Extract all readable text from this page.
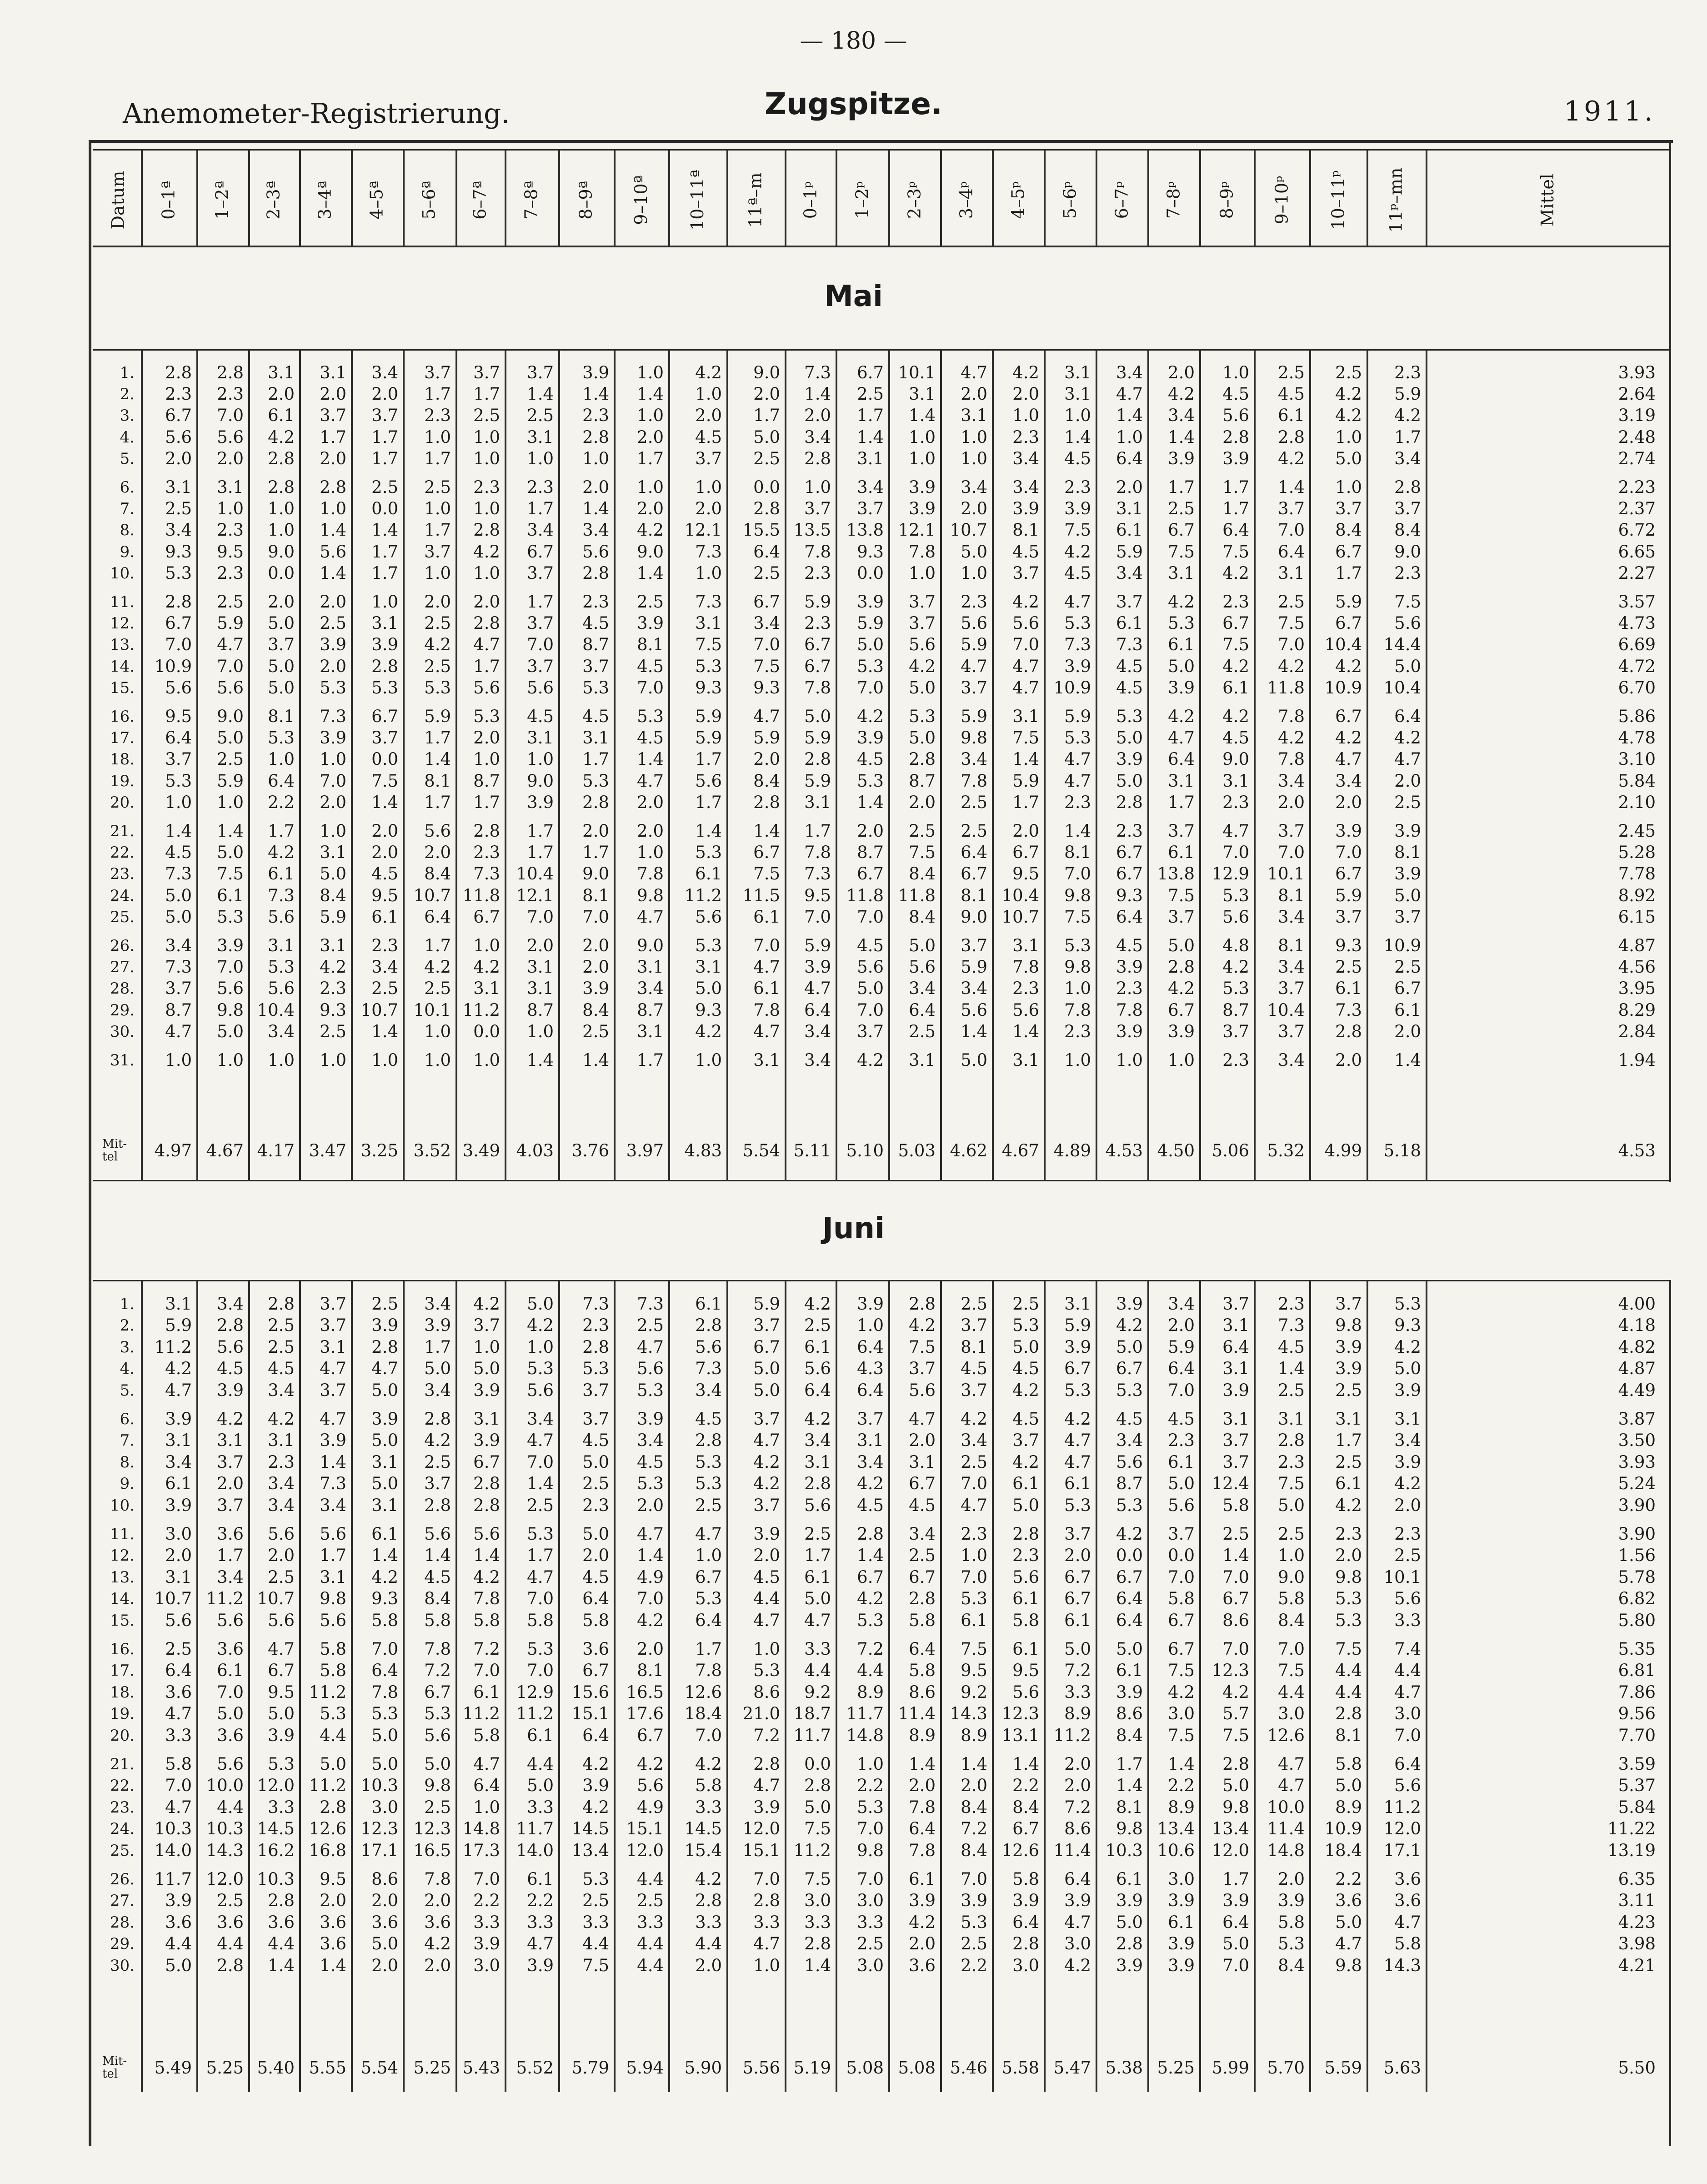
— 180 —
Anemometer-Registrierung.	Zugspitze.	1911.
Datum 0–1ª 1–2ª 2–3ª 3–4ª 4–5ª 5–6ª 6–7ª 7–8ª 8–9ª 9–10ª 10–11ª 11ª–m 0–1ᵖ 1–2ᵖ 2–3ᵖ 3–4ᵖ 4–5ᵖ 5–6ᵖ 6–7ᵖ 7–8ᵖ 8–9ᵖ 9–10ᵖ 10–11ᵖ 11ᵖ–mn	Mittel
Mai
1.	2.8	2.8	3.1	3.1	3.4	3.7	3.7	3.7	3.9	1.0	4.2	9.0	7.3	6.7 10.1	4.7	4.2	3.1	3.4	2.0	1.0	2.5	2.5	2.3	3.93
2.	2.3	2.3	2.0	2.0	2.0	1.7	1.7	1.4	1.4	1.4	1.0	2.0	1.4	2.5	3.1	2.0	2.0	3.1	4.7	4.2	4.5	4.5	4.2	5.9	2.64
3.	6.7	7.0	6.1	3.7	3.7	2.3	2.5	2.5	2.3	1.0	2.0	1.7	2.0	1.7	1.4	3.1	1.0	1.0	1.4	3.4	5.6	6.1	4.2	4.2	3.19
4.	5.6	5.6	4.2	1.7	1.7	1.0	1.0	3.1	2.8	2.0	4.5	5.0	3.4	1.4	1.0	1.0	2.3	1.4	1.0	1.4	2.8	2.8	1.0	1.7	2.48
5.	2.0	2.0	2.8	2.0	1.7	1.7	1.0	1.0	1.0	1.7	3.7	2.5	2.8	3.1	1.0	1.0	3.4	4.5	6.4	3.9	3.9	4.2	5.0	3.4	2.74
6.	3.1	3.1	2.8	2.8	2.5	2.5	2.3	2.3	2.0	1.0	1.0	0.0	1.0	3.4	3.9	3.4	3.4	2.3	2.0	1.7	1.7	1.4	1.0	2.8	2.23
7.	2.5	1.0	1.0	1.0	0.0	1.0	1.0	1.7	1.4	2.0	2.0	2.8	3.7	3.7	3.9	2.0	3.9	3.9	3.1	2.5	1.7	3.7	3.7	3.7	2.37
8.	3.4	2.3	1.0	1.4	1.4	1.7	2.8	3.4	3.4	4.2	12.1	15.5 13.5 13.8 12.1 10.7	8.1	7.5	6.1	6.7	6.4	7.0	8.4	8.4	6.72
9.	9.3	9.5	9.0	5.6	1.7	3.7	4.2	6.7	5.6	9.0	7.3	6.4	7.8	9.3	7.8	5.0	4.5	4.2	5.9	7.5	7.5	6.4	6.7	9.0	6.65
10.	5.3	2.3	0.0	1.4	1.7	1.0	1.0	3.7	2.8	1.4	1.0	2.5	2.3	0.0	1.0	1.0	3.7	4.5	3.4	3.1	4.2	3.1	1.7	2.3	2.27
11.	2.8	2.5	2.0	2.0	1.0	2.0	2.0	1.7	2.3	2.5	7.3	6.7	5.9	3.9	3.7	2.3	4.2	4.7	3.7	4.2	2.3	2.5	5.9	7.5	3.57
12.	6.7	5.9	5.0	2.5	3.1	2.5	2.8	3.7	4.5	3.9	3.1	3.4	2.3	5.9	3.7	5.6	5.6	5.3	6.1	5.3	6.7	7.5	6.7	5.6	4.73
13.	7.0	4.7	3.7	3.9	3.9	4.2	4.7	7.0	8.7	8.1	7.5	7.0	6.7	5.0	5.6	5.9	7.0	7.3	7.3	6.1	7.5	7.0	10.4	14.4	6.69
14.	10.9	7.0	5.0	2.0	2.8	2.5	1.7	3.7	3.7	4.5	5.3	7.5	6.7	5.3	4.2	4.7	4.7	3.9	4.5	5.0	4.2	4.2	4.2	5.0	4.72
15.	5.6	5.6	5.0	5.3	5.3	5.3	5.6	5.6	5.3	7.0	9.3	9.3	7.8	7.0	5.0	3.7	4.7 10.9	4.5	3.9	6.1	11.8	10.9	10.4	6.70
16.	9.5	9.0	8.1	7.3	6.7	5.9	5.3	4.5	4.5	5.3	5.9	4.7	5.0	4.2	5.3	5.9	3.1	5.9	5.3	4.2	4.2	7.8	6.7	6.4	5.86
17.	6.4	5.0	5.3	3.9	3.7	1.7	2.0	3.1	3.1	4.5	5.9	5.9	5.9	3.9	5.0	9.8	7.5	5.3	5.0	4.7	4.5	4.2	4.2	4.2	4.78
18.	3.7	2.5	1.0	1.0	0.0	1.4	1.0	1.0	1.7	1.4	1.7	2.0	2.8	4.5	2.8	3.4	1.4	4.7	3.9	6.4	9.0	7.8	4.7	4.7	3.10
19.	5.3	5.9	6.4	7.0	7.5	8.1	8.7	9.0	5.3	4.7	5.6	8.4	5.9	5.3	8.7	7.8	5.9	4.7	5.0	3.1	3.1	3.4	3.4	2.0	5.84
20.	1.0	1.0	2.2	2.0	1.4	1.7	1.7	3.9	2.8	2.0	1.7	2.8	3.1	1.4	2.0	2.5	1.7	2.3	2.8	1.7	2.3	2.0	2.0	2.5	2.10
21.	1.4	1.4	1.7	1.0	2.0	5.6	2.8	1.7	2.0	2.0	1.4	1.4	1.7	2.0	2.5	2.5	2.0	1.4	2.3	3.7	4.7	3.7	3.9	3.9	2.45
22.	4.5	5.0	4.2	3.1	2.0	2.0	2.3	1.7	1.7	1.0	5.3	6.7	7.8	8.7	7.5	6.4	6.7	8.1	6.7	6.1	7.0	7.0	7.0	8.1	5.28
23.	7.3	7.5	6.1	5.0	4.5	8.4	7.3 10.4	9.0	7.8	6.1	7.5	7.3	6.7	8.4	6.7	9.5	7.0	6.7 13.8	12.9	10.1	6.7	3.9	7.78
24.	5.0	6.1	7.3	8.4	9.5 10.7 11.8 12.1	8.1	9.8	11.2	11.5	9.5 11.8 11.8	8.1 10.4	9.8	9.3	7.5	5.3	8.1	5.9	5.0	8.92
25.	5.0	5.3	5.6	5.9	6.1	6.4	6.7	7.0	7.0	4.7	5.6	6.1	7.0	7.0	8.4	9.0 10.7	7.5	6.4	3.7	5.6	3.4	3.7	3.7	6.15
26.	3.4	3.9	3.1	3.1	2.3	1.7	1.0	2.0	2.0	9.0	5.3	7.0	5.9	4.5	5.0	3.7	3.1	5.3	4.5	5.0	4.8	8.1	9.3	10.9	4.87
27.	7.3	7.0	5.3	4.2	3.4	4.2	4.2	3.1	2.0	3.1	3.1	4.7	3.9	5.6	5.6	5.9	7.8	9.8	3.9	2.8	4.2	3.4	2.5	2.5	4.56
28.	3.7	5.6	5.6	2.3	2.5	2.5	3.1	3.1	3.9	3.4	5.0	6.1	4.7	5.0	3.4	3.4	2.3	1.0	2.3	4.2	5.3	3.7	6.1	6.7	3.95
29.	8.7	9.8 10.4	9.3 10.7 10.1 11.2	8.7	8.4	8.7	9.3	7.8	6.4	7.0	6.4	5.6	5.6	7.8	7.8	6.7	8.7	10.4	7.3	6.1	8.29
30.	4.7	5.0	3.4	2.5	1.4	1.0	0.0	1.0	2.5	3.1	4.2	4.7	3.4	3.7	2.5	1.4	1.4	2.3	3.9	3.9	3.7	3.7	2.8	2.0	2.84
31.	1.0	1.0	1.0	1.0	1.0	1.0	1.0	1.4	1.4	1.7	1.0	3.1	3.4	4.2	3.1	5.0	3.1	1.0	1.0	1.0	2.3	3.4	2.0	1.4	1.94
Mit-tel	4.97 4.67 4.17 3.47 3.25 3.52 3.49 4.03	3.76	3.97	4.83	5.54 5.11 5.10 5.03 4.62 4.67 4.89 4.53 4.50	5.06	5.32	4.99	5.18	4.53
Juni
1.	3.1	3.4	2.8	3.7	2.5	3.4	4.2	5.0	7.3	7.3	6.1	5.9	4.2	3.9	2.8	2.5	2.5	3.1	3.9	3.4	3.7	2.3	3.7	5.3	4.00
2.	5.9	2.8	2.5	3.7	3.9	3.9	3.7	4.2	2.3	2.5	2.8	3.7	2.5	1.0	4.2	3.7	5.3	5.9	4.2	2.0	3.1	7.3	9.8	9.3	4.18
3.	11.2	5.6	2.5	3.1	2.8	1.7	1.0	1.0	2.8	4.7	5.6	6.7	6.1	6.4	7.5	8.1	5.0	3.9	5.0	5.9	6.4	4.5	3.9	4.2	4.82
4.	4.2	4.5	4.5	4.7	4.7	5.0	5.0	5.3	5.3	5.6	7.3	5.0	5.6	4.3	3.7	4.5	4.5	6.7	6.7	6.4	3.1	1.4	3.9	5.0	4.87
5.	4.7	3.9	3.4	3.7	5.0	3.4	3.9	5.6	3.7	5.3	3.4	5.0	6.4	6.4	5.6	3.7	4.2	5.3	5.3	7.0	3.9	2.5	2.5	3.9	4.49
6.	3.9	4.2	4.2	4.7	3.9	2.8	3.1	3.4	3.7	3.9	4.5	3.7	4.2	3.7	4.7	4.2	4.5	4.2	4.5	4.5	3.1	3.1	3.1	3.1	3.87
7.	3.1	3.1	3.1	3.9	5.0	4.2	3.9	4.7	4.5	3.4	2.8	4.7	3.4	3.1	2.0	3.4	3.7	4.7	3.4	2.3	3.7	2.8	1.7	3.4	3.50
8.	3.4	3.7	2.3	1.4	3.1	2.5	6.7	7.0	5.0	4.5	5.3	4.2	3.1	3.4	3.1	2.5	4.2	4.7	5.6	6.1	3.7	2.3	2.5	3.9	3.93
9.	6.1	2.0	3.4	7.3	5.0	3.7	2.8	1.4	2.5	5.3	5.3	4.2	2.8	4.2	6.7	7.0	6.1	6.1	8.7	5.0	12.4	7.5	6.1	4.2	5.24
10.	3.9	3.7	3.4	3.4	3.1	2.8	2.8	2.5	2.3	2.0	2.5	3.7	5.6	4.5	4.5	4.7	5.0	5.3	5.3	5.6	5.8	5.0	4.2	2.0	3.90
11.	3.0	3.6	5.6	5.6	6.1	5.6	5.6	5.3	5.0	4.7	4.7	3.9	2.5	2.8	3.4	2.3	2.8	3.7	4.2	3.7	2.5	2.5	2.3	2.3	3.90
12.	2.0	1.7	2.0	1.7	1.4	1.4	1.4	1.7	2.0	1.4	1.0	2.0	1.7	1.4	2.5	1.0	2.3	2.0	0.0	0.0	1.4	1.0	2.0	2.5	1.56
13.	3.1	3.4	2.5	3.1	4.2	4.5	4.2	4.7	4.5	4.9	6.7	4.5	6.1	6.7	6.7	7.0	5.6	6.7	6.7	7.0	7.0	9.0	9.8	10.1	5.78
14.	10.7 11.2 10.7	9.8	9.3	8.4	7.8	7.0	6.4	7.0	5.3	4.4	5.0	4.2	2.8	5.3	6.1	6.7	6.4	5.8	6.7	5.8	5.3	5.6	6.82
15.	5.6	5.6	5.6	5.6	5.8	5.8	5.8	5.8	5.8	4.2	6.4	4.7	4.7	5.3	5.8	6.1	5.8	6.1	6.4	6.7	8.6	8.4	5.3	3.3	5.80
16.	2.5	3.6	4.7	5.8	7.0	7.8	7.2	5.3	3.6	2.0	1.7	1.0	3.3	7.2	6.4	7.5	6.1	5.0	5.0	6.7	7.0	7.0	7.5	7.4	5.35
17.	6.4	6.1	6.7	5.8	6.4	7.2	7.0	7.0	6.7	8.1	7.8	5.3	4.4	4.4	5.8	9.5	9.5	7.2	6.1	7.5	12.3	7.5	4.4	4.4	6.81
18.	3.6	7.0	9.5 11.2	7.8	6.7	6.1 12.9	15.6	16.5	12.6	8.6	9.2	8.9	8.6	9.2	5.6	3.3	3.9	4.2	4.2	4.4	4.4	4.7	7.86
19.	4.7	5.0	5.0	5.3	5.3	5.3 11.2 11.2	15.1	17.6	18.4	21.0 18.7 11.7 11.4 14.3 12.3	8.9	8.6	3.0	5.7	3.0	2.8	3.0	9.56
20.	3.3	3.6	3.9	4.4	5.0	5.6	5.8	6.1	6.4	6.7	7.0	7.2 11.7 14.8	8.9	8.9 13.1 11.2	8.4	7.5	7.5	12.6	8.1	7.0	7.70
21.	5.8	5.6	5.3	5.0	5.0	5.0	4.7	4.4	4.2	4.2	4.2	2.8	0.0	1.0	1.4	1.4	1.4	2.0	1.7	1.4	2.8	4.7	5.8	6.4	3.59
22.	7.0 10.0 12.0 11.2 10.3	9.8	6.4	5.0	3.9	5.6	5.8	4.7	2.8	2.2	2.0	2.0	2.2	2.0	1.4	2.2	5.0	4.7	5.0	5.6	5.37
23.	4.7	4.4	3.3	2.8	3.0	2.5	1.0	3.3	4.2	4.9	3.3	3.9	5.0	5.3	7.8	8.4	8.4	7.2	8.1	8.9	9.8	10.0	8.9	11.2	5.84
24.	10.3 10.3 14.5 12.6 12.3 12.3 14.8 11.7	14.5	15.1	14.5	12.0	7.5	7.0	6.4	7.2	6.7	8.6	9.8 13.4	13.4	11.4	10.9	12.0	11.22
25.	14.0 14.3 16.2 16.8 17.1 16.5 17.3 14.0	13.4	12.0	15.4	15.1 11.2	9.8	7.8	8.4 12.6 11.4 10.3 10.6	12.0	14.8	18.4	17.1	13.19
26.	11.7 12.0 10.3	9.5	8.6	7.8	7.0	6.1	5.3	4.4	4.2	7.0	7.5	7.0	6.1	7.0	5.8	6.4	6.1	3.0	1.7	2.0	2.2	3.6	6.35
27.	3.9	2.5	2.8	2.0	2.0	2.0	2.2	2.2	2.5	2.5	2.8	2.8	3.0	3.0	3.9	3.9	3.9	3.9	3.9	3.9	3.9	3.9	3.6	3.6	3.11
28.	3.6	3.6	3.6	3.6	3.6	3.6	3.3	3.3	3.3	3.3	3.3	3.3	3.3	3.3	4.2	5.3	6.4	4.7	5.0	6.1	6.4	5.8	5.0	4.7	4.23
29.	4.4	4.4	4.4	3.6	5.0	4.2	3.9	4.7	4.4	4.4	4.4	4.7	2.8	2.5	2.0	2.5	2.8	3.0	2.8	3.9	5.0	5.3	4.7	5.8	3.98
30.	5.0	2.8	1.4	1.4	2.0	2.0	3.0	3.9	7.5	4.4	2.0	1.0	1.4	3.0	3.6	2.2	3.0	4.2	3.9	3.9	7.0	8.4	9.8	14.3	4.21
Mit-tel	5.49 5.25 5.40 5.55 5.54 5.25 5.43 5.52	5.79	5.94	5.90	5.56 5.19 5.08 5.08 5.46 5.58 5.47 5.38 5.25	5.99	5.70	5.59	5.63	5.50
